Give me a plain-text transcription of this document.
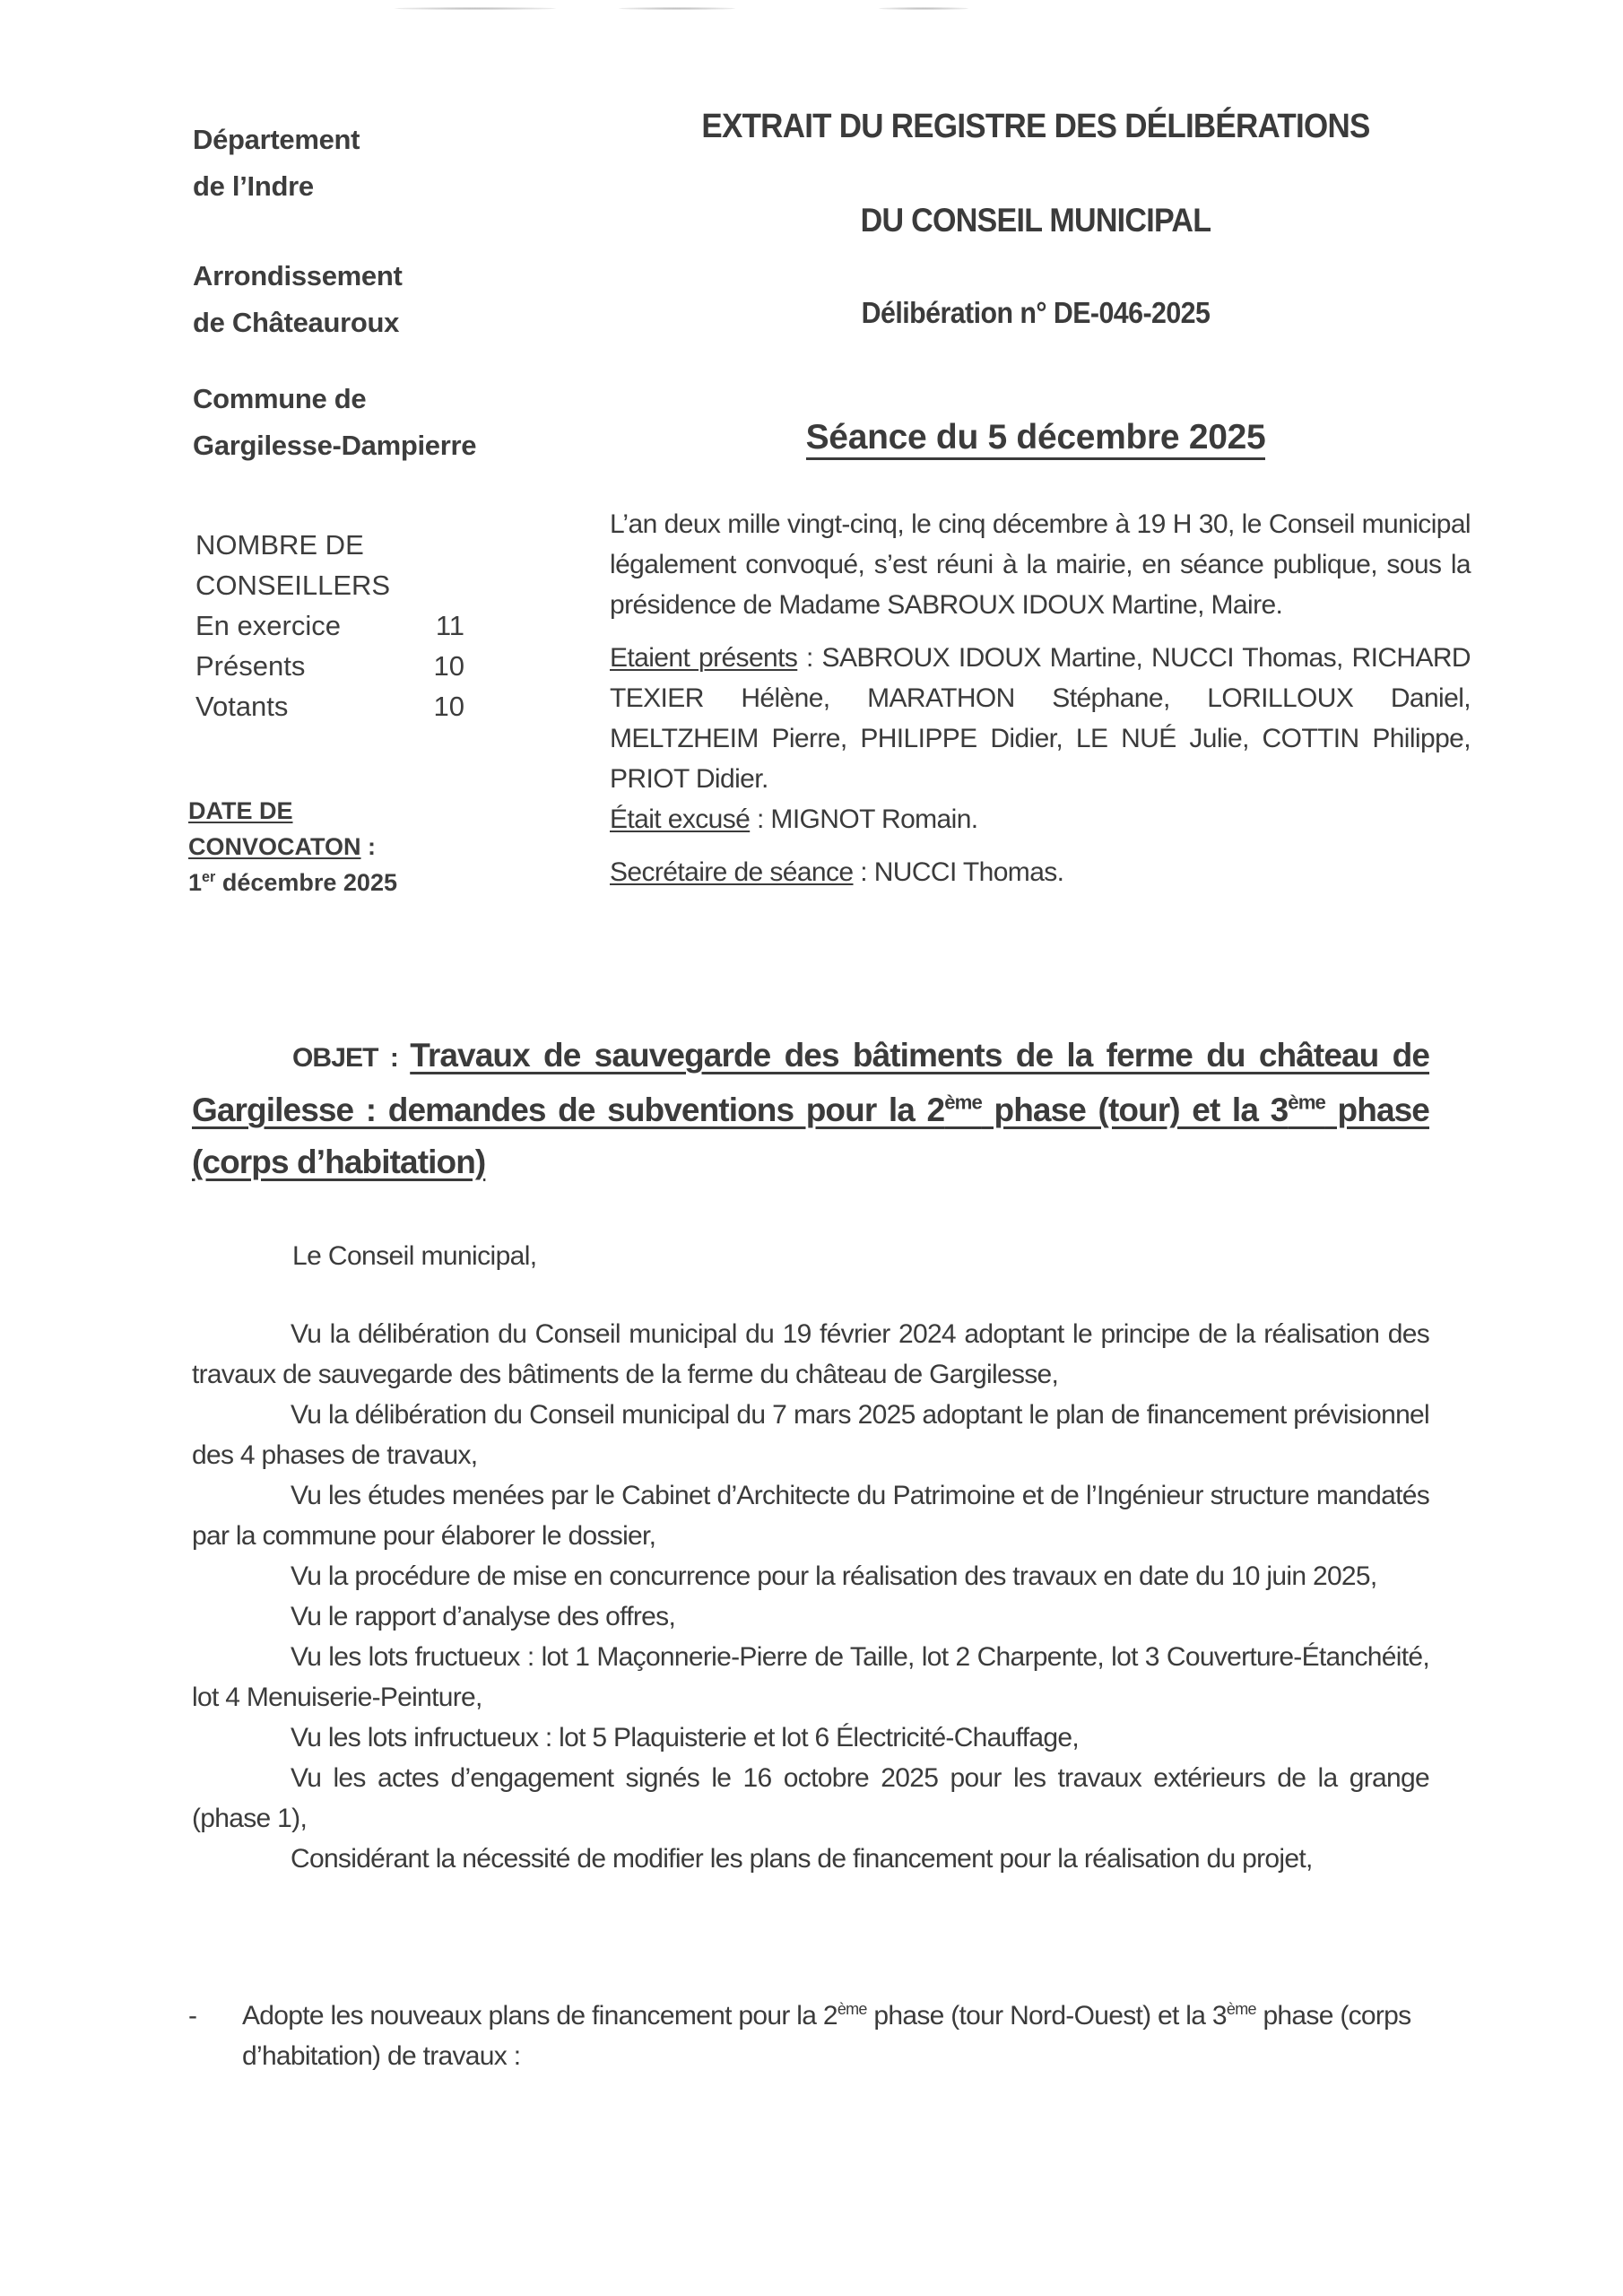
Département
de l’Indre
Arrondissement
de Châteauroux
Commune de
Gargilesse-Dampierre
EXTRAIT DU REGISTRE DES DÉLIBÉRATIONS
DU CONSEIL MUNICIPAL
Délibération n° DE-046-2025
Séance du 5 décembre 2025
NOMBRE DE
CONSEILLERS
En exercice	11
Présents	10
Votants	10
DATE DE
CONVOCATON :
1er décembre 2025

L’an deux mille vingt-cinq, le cinq décembre à 19 H 30, le Conseil municipal légalement convoqué, s’est réuni à la mairie, en séance publique, sous la présidence de Madame SABROUX IDOUX Martine, Maire.

Etaient présents : SABROUX IDOUX Martine, NUCCI Thomas, RICHARD TEXIER Hélène, MARATHON Stéphane, LORILLOUX Daniel, MELTZHEIM Pierre, PHILIPPE Didier, LE NUÉ Julie, COTTIN Philippe, PRIOT Didier.

Était excusé : MIGNOT Romain.

Secrétaire de séance : NUCCI Thomas.

OBJET : Travaux de sauvegarde des bâtiments de la ferme du château de Gargilesse : demandes de subventions pour la 2ème phase (tour) et la 3ème phase (corps d’habitation)
Le Conseil municipal,

Vu la délibération du Conseil municipal du 19 février 2024 adoptant le principe de la réalisation des travaux de sauvegarde des bâtiments de la ferme du château de Gargilesse,

Vu la délibération du Conseil municipal du 7 mars 2025 adoptant le plan de financement prévisionnel des 4 phases de travaux,

Vu les études menées par le Cabinet d’Architecte du Patrimoine et de l’Ingénieur structure mandatés par la commune pour élaborer le dossier,

Vu la procédure de mise en concurrence pour la réalisation des travaux en date du 10 juin 2025,

Vu le rapport d’analyse des offres,

Vu les lots fructueux : lot 1 Maçonnerie-Pierre de Taille, lot 2 Charpente, lot 3 Couverture-Étanchéité, lot 4 Menuiserie-Peinture,

Vu les lots infructueux : lot 5 Plaquisterie et lot 6 Électricité-Chauffage,

Vu les actes d’engagement signés le 16 octobre 2025 pour les travaux extérieurs de la grange (phase 1),

Considérant la nécessité de modifier les plans de financement pour la réalisation du projet,

-	Adopte les nouveaux plans de financement pour la 2ème phase (tour Nord-Ouest) et la 3ème phase (corps d’habitation) de travaux :
